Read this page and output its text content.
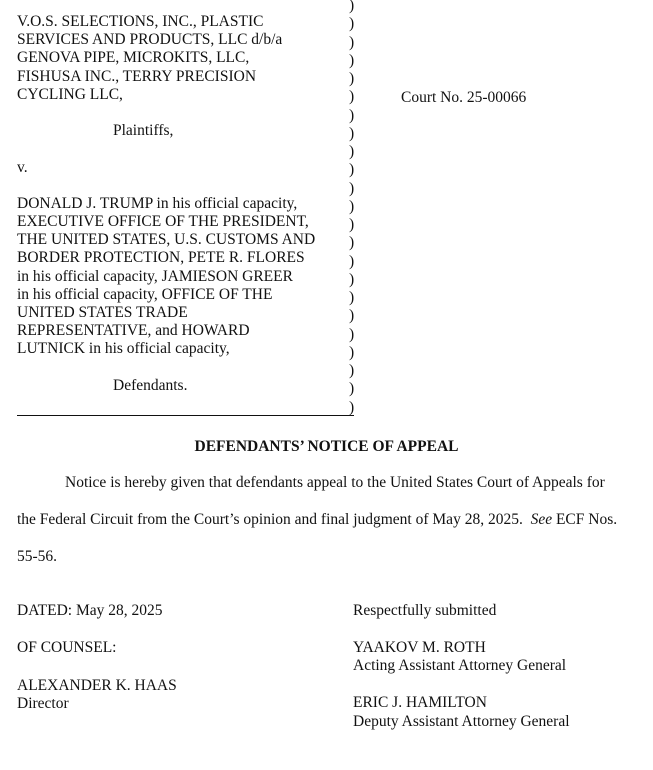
V.O.S. SELECTIONS, INC., PLASTIC
SERVICES AND PRODUCTS, LLC d/b/a
GENOVA PIPE, MICROKITS, LLC,
FISHUSA INC., TERRY PRECISION
CYCLING LLC,
Plaintiffs,
v.
DONALD J. TRUMP in his official capacity,
EXECUTIVE OFFICE OF THE PRESIDENT,
THE UNITED STATES, U.S. CUSTOMS AND
BORDER PROTECTION, PETE R. FLORES
in his official capacity, JAMIESON GREER
in his official capacity, OFFICE OF THE
UNITED STATES TRADE
REPRESENTATIVE, and HOWARD
LUTNICK in his official capacity,
Defendants.
)
)
)
)
)
)
)
)
)
)
)
)
)
)
)
)
)
)
)
)
)
)
)
Court No. 25-00066
DEFENDANTS’ NOTICE OF APPEAL
Notice is hereby given that defendants appeal to the United States Court of Appeals for
the Federal Circuit from the Court’s opinion and final judgment of May 28, 2025. See ECF Nos.
55-56.
DATED: May 28, 2025
OF COUNSEL:
ALEXANDER K. HAAS
Director
Respectfully submitted
YAAKOV M. ROTH
Acting Assistant Attorney General
ERIC J. HAMILTON
Deputy Assistant Attorney General
